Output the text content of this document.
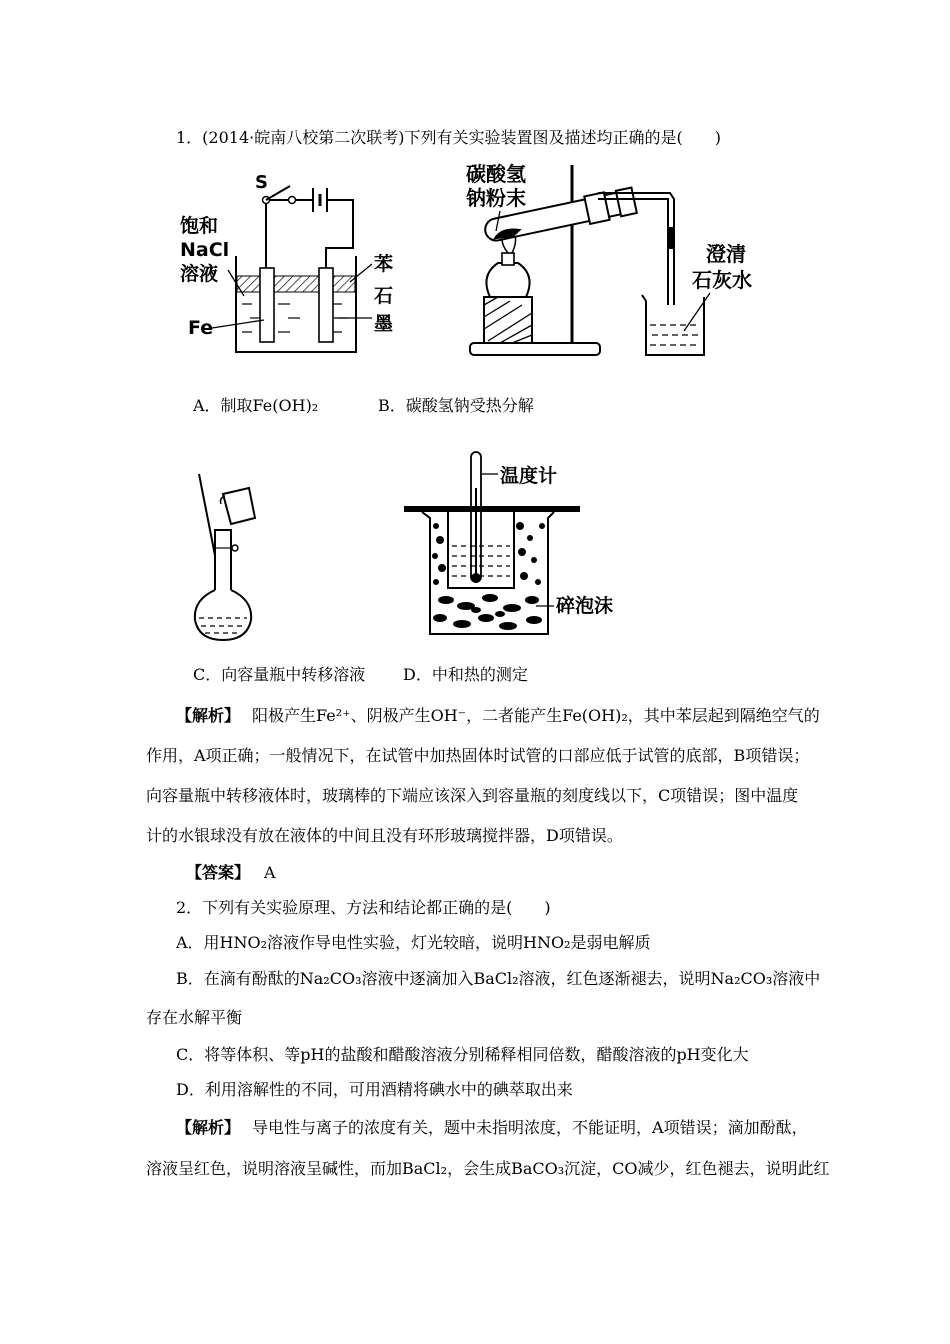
1．(2014·皖南八校第二次联考)下列有关实验装置图及描述均正确的是(　　)
S
饱和
NaCl
溶液
Fe
苯
石
墨
碳酸氢
钠粉末
澄清
石灰水
A．制取Fe(OH)₂	B．碳酸氢钠受热分解
温度计
碎泡沫
C．向容量瓶中转移溶液 D．中和热的测定
【解析】 阳极产生Fe²⁺、阴极产生OH⁻，二者能产生Fe(OH)₂，其中苯层起到隔绝空气的
作用，A项正确；一般情况下，在试管中加热固体时试管的口部应低于试管的底部，B项错误；
向容量瓶中转移液体时，玻璃棒的下端应该深入到容量瓶的刻度线以下，C项错误；图中温度
计的水银球没有放在液体的中间且没有环形玻璃搅拌器，D项错误。
【答案】 A
2．下列有关实验原理、方法和结论都正确的是(　　)
A．用HNO₂溶液作导电性实验，灯光较暗，说明HNO₂是弱电解质
B．在滴有酚酞的Na₂CO₃溶液中逐滴加入BaCl₂溶液，红色逐渐褪去，说明Na₂CO₃溶液中
存在水解平衡
C．将等体积、等pH的盐酸和醋酸溶液分别稀释相同倍数，醋酸溶液的pH变化大
D．利用溶解性的不同，可用酒精将碘水中的碘萃取出来
【解析】 导电性与离子的浓度有关，题中未指明浓度，不能证明，A项错误；滴加酚酞，
溶液呈红色，说明溶液呈碱性，而加BaCl₂，会生成BaCO₃沉淀，CO减少，红色褪去，说明此红
